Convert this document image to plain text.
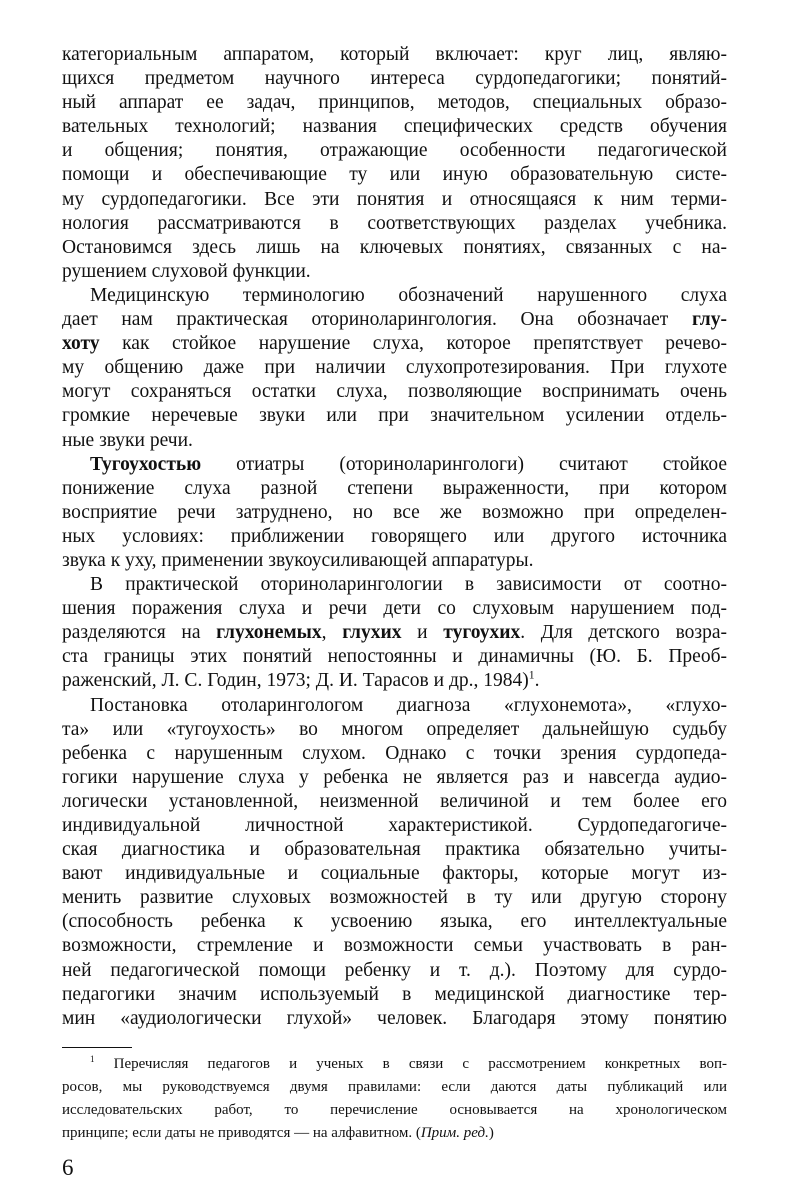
категориальным аппаратом, который включает: круг лиц, являю-
щихся предметом научного интереса сурдопедагогики; понятий-
ный аппарат ее задач, принципов, методов, специальных образо-
вательных технологий; названия специфических средств обучения
и общения; понятия, отражающие особенности педагогической
помощи и обеспечивающие ту или иную образовательную систе-
му сурдопедагогики. Все эти понятия и относящаяся к ним терми-
нология рассматриваются в соответствующих разделах учебника.
Остановимся здесь лишь на ключевых понятиях, связанных с на-
рушением слуховой функции.
Медицинскую терминологию обозначений нарушенного слуха
дает нам практическая оториноларингология. Она обозначает глу-
хоту как стойкое нарушение слуха, которое препятствует речево-
му общению даже при наличии слухопротезирования. При глухоте
могут сохраняться остатки слуха, позволяющие воспринимать очень
громкие неречевые звуки или при значительном усилении отдель-
ные звуки речи.
Тугоухостью отиатры (оториноларингологи) считают стойкое
понижение слуха разной степени выраженности, при котором
восприятие речи затруднено, но все же возможно при определен-
ных условиях: приближении говорящего или другого источника
звука к уху, применении звукоусиливающей аппаратуры.
В практической оториноларингологии в зависимости от соотно-
шения поражения слуха и речи дети со слуховым нарушением под-
разделяются на глухонемых, глухих и тугоухих. Для детского возра-
ста границы этих понятий непостоянны и динамичны (Ю. Б. Преоб-
раженский, Л. С. Годин, 1973; Д. И. Тарасов и др., 1984)$^1$.
Постановка отоларингологом диагноза «глухонемота», «глухо-
та» или «тугоухость» во многом определяет дальнейшую судьбу
ребенка с нарушенным слухом. Однако с точки зрения сурдопеда-
гогики нарушение слуха у ребенка не является раз и навсегда аудио-
логически установленной, неизменной величиной и тем более его
индивидуальной личностной характеристикой. Сурдопедагогиче-
ская диагностика и образовательная практика обязательно учиты-
вают индивидуальные и социальные факторы, которые могут из-
менить развитие слуховых возможностей в ту или другую сторону
(способность ребенка к усвоению языка, его интеллектуальные
возможности, стремление и возможности семьи участвовать в ран-
ней педагогической помощи ребенку и т. д.). Поэтому для сурдо-
педагогики значим используемый в медицинской диагностике тер-
мин «аудиологически глухой» человек. Благодаря этому понятию
$^1$ Перечисляя педагогов и ученых в связи с рассмотрением конкретных воп-
росов, мы руководствуемся двумя правилами: если даются даты публикаций или
исследовательских работ, то перечисление основывается на хронологическом
принципе; если даты не приводятся — на алфавитном. (Прим. ред.)
6
